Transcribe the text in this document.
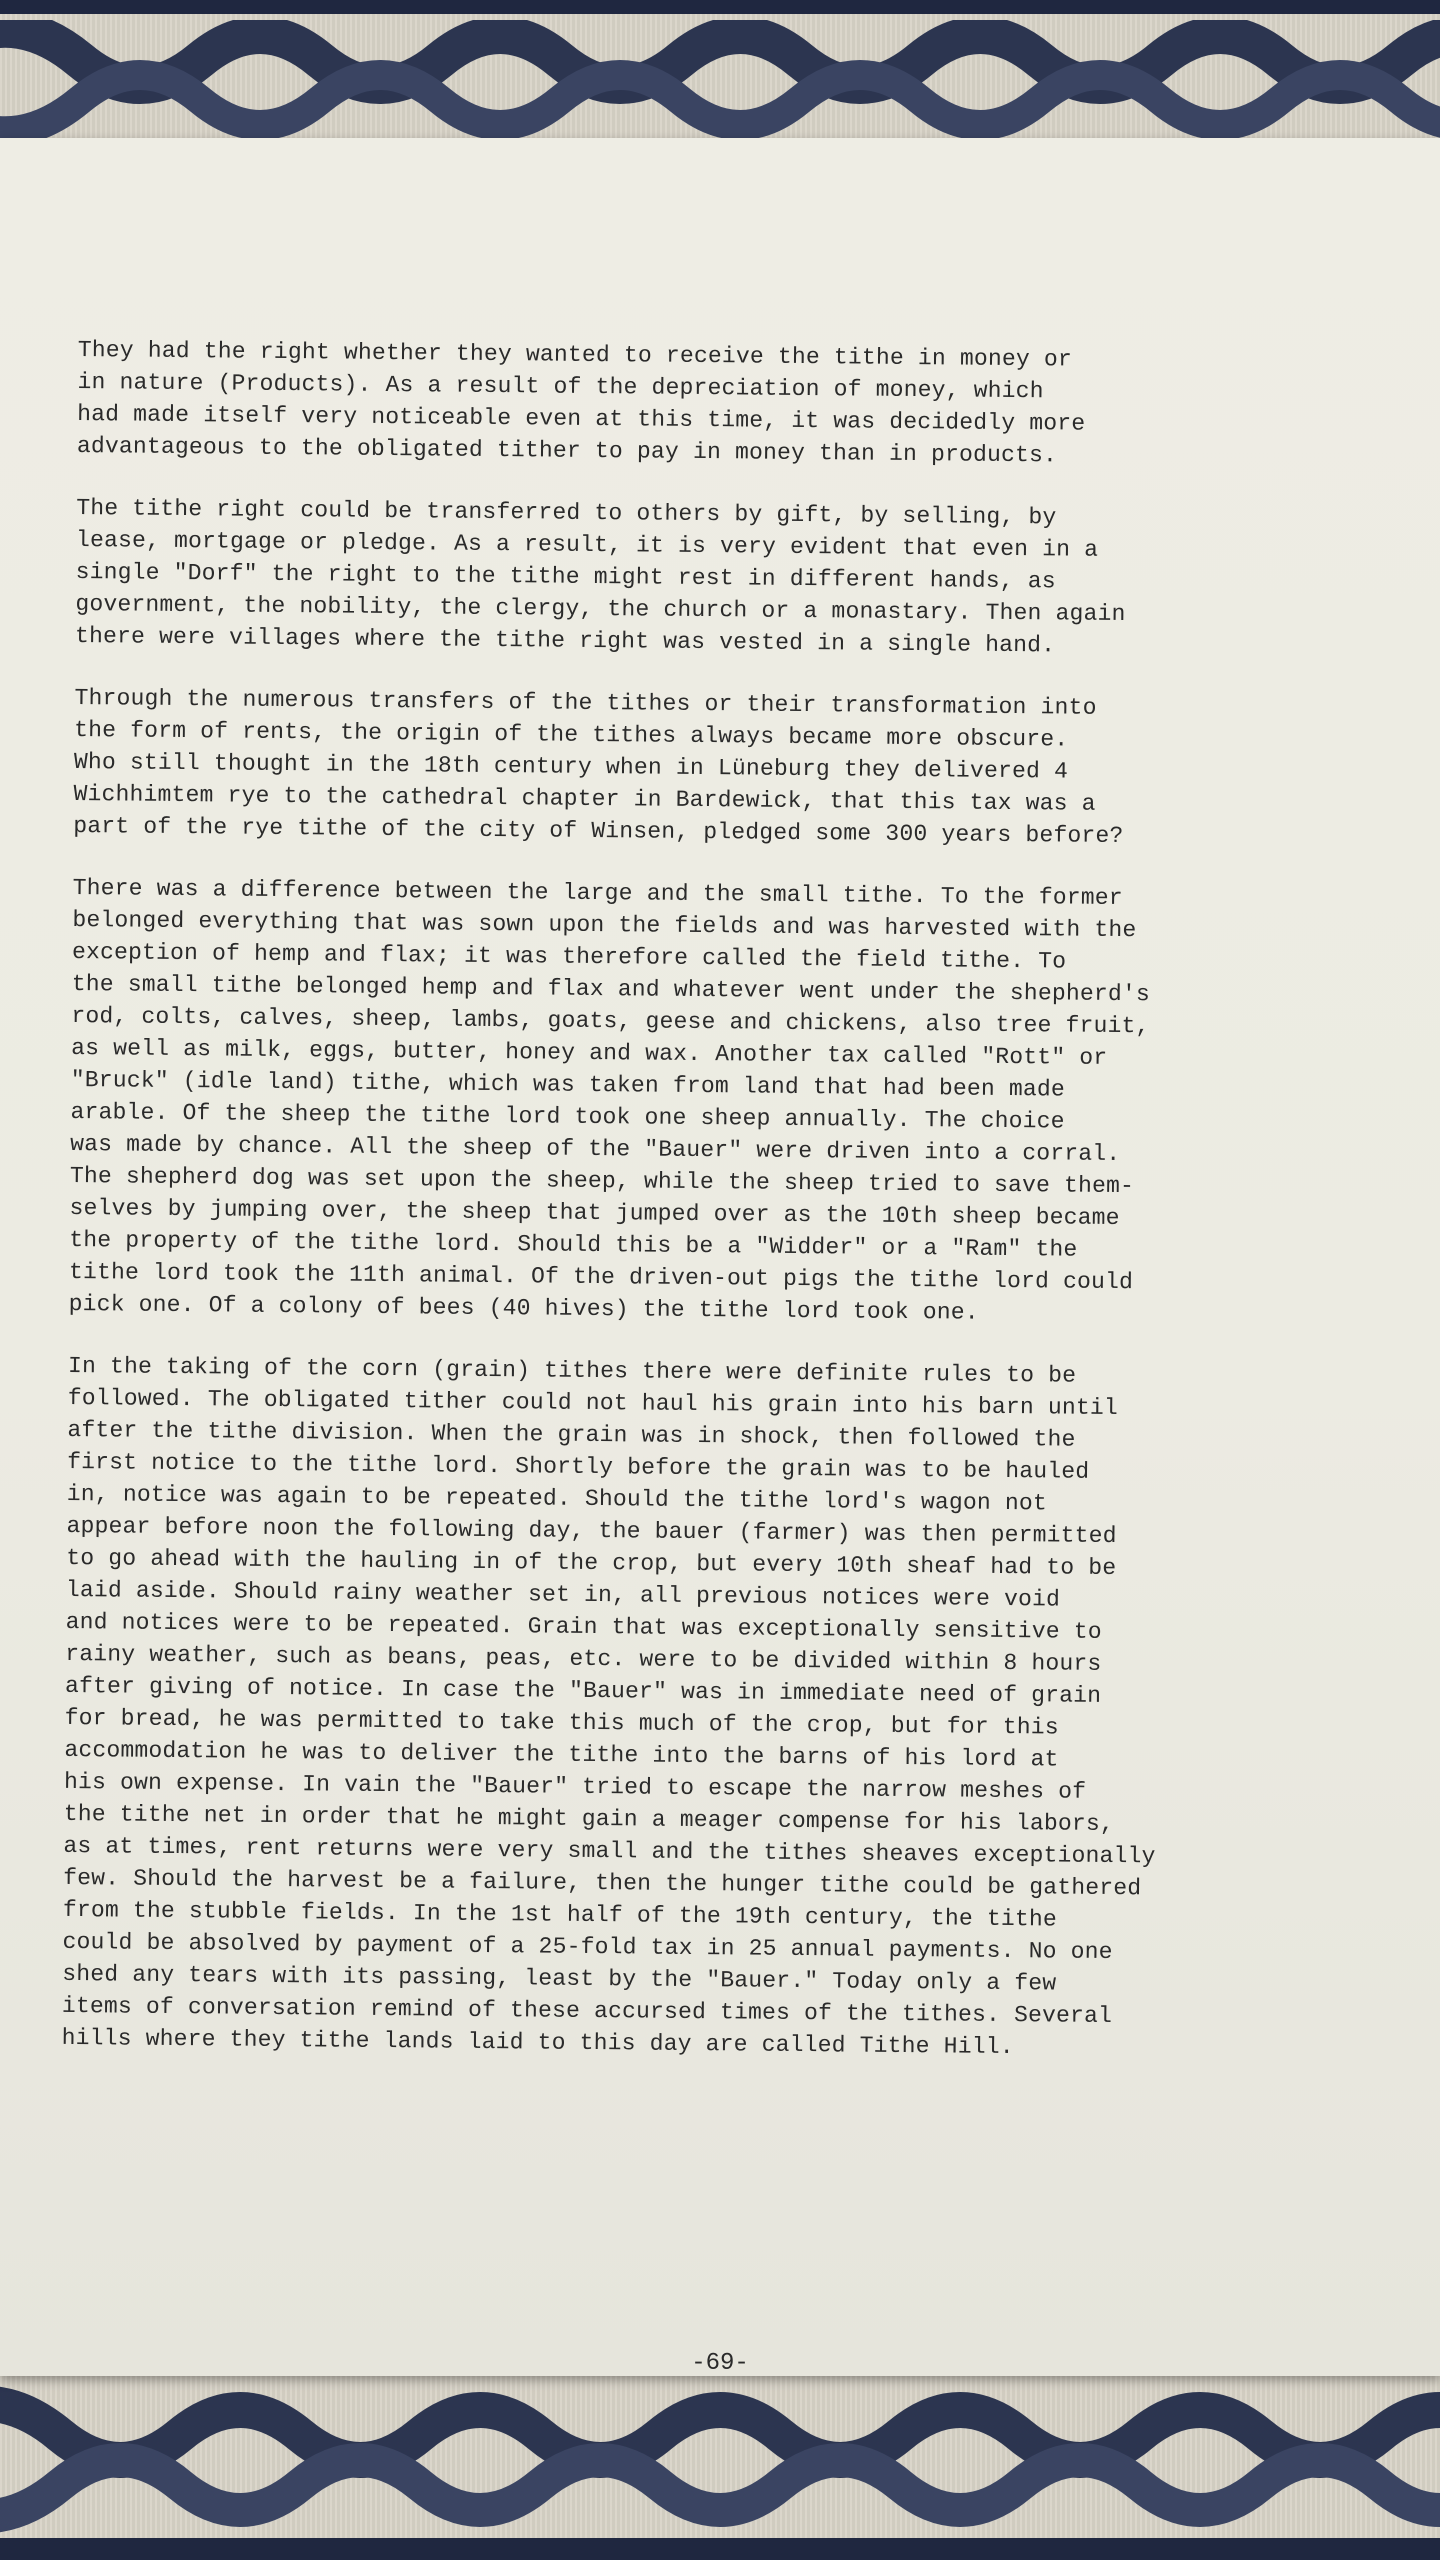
They had the right whether they wanted to receive the tithe in money or
in nature (Products). As a result of the depreciation of money, which
had made itself very noticeable even at this time, it was decidedly more
advantageous to the obligated tither to pay in money than in products.

The tithe right could be transferred to others by gift, by selling, by
lease, mortgage or pledge. As a result, it is very evident that even in a
single "Dorf" the right to the tithe might rest in different hands, as
government, the nobility, the clergy, the church or a monastary. Then again
there were villages where the tithe right was vested in a single hand.

Through the numerous transfers of the tithes or their transformation into
the form of rents, the origin of the tithes always became more obscure.
Who still thought in the 18th century when in Lüneburg they delivered 4
Wichhimtem rye to the cathedral chapter in Bardewick, that this tax was a
part of the rye tithe of the city of Winsen, pledged some 300 years before?

There was a difference between the large and the small tithe. To the former
belonged everything that was sown upon the fields and was harvested with the
exception of hemp and flax; it was therefore called the field tithe. To
the small tithe belonged hemp and flax and whatever went under the shepherd's
rod, colts, calves, sheep, lambs, goats, geese and chickens, also tree fruit,
as well as milk, eggs, butter, honey and wax. Another tax called "Rott" or
"Bruck" (idle land) tithe, which was taken from land that had been made
arable. Of the sheep the tithe lord took one sheep annually. The choice
was made by chance. All the sheep of the "Bauer" were driven into a corral.
The shepherd dog was set upon the sheep, while the sheep tried to save them-
selves by jumping over, the sheep that jumped over as the 10th sheep became
the property of the tithe lord. Should this be a "Widder" or a "Ram" the
tithe lord took the 11th animal. Of the driven-out pigs the tithe lord could
pick one. Of a colony of bees (40 hives) the tithe lord took one.

In the taking of the corn (grain) tithes there were definite rules to be
followed. The obligated tither could not haul his grain into his barn until
after the tithe division. When the grain was in shock, then followed the
first notice to the tithe lord. Shortly before the grain was to be hauled
in, notice was again to be repeated. Should the tithe lord's wagon not
appear before noon the following day, the bauer (farmer) was then permitted
to go ahead with the hauling in of the crop, but every 10th sheaf had to be
laid aside. Should rainy weather set in, all previous notices were void
and notices were to be repeated. Grain that was exceptionally sensitive to
rainy weather, such as beans, peas, etc. were to be divided within 8 hours
after giving of notice. In case the "Bauer" was in immediate need of grain
for bread, he was permitted to take this much of the crop, but for this
accommodation he was to deliver the tithe into the barns of his lord at
his own expense. In vain the "Bauer" tried to escape the narrow meshes of
the tithe net in order that he might gain a meager compense for his labors,
as at times, rent returns were very small and the tithes sheaves exceptionally
few. Should the harvest be a failure, then the hunger tithe could be gathered
from the stubble fields. In the 1st half of the 19th century, the tithe
could be absolved by payment of a 25-fold tax in 25 annual payments. No one
shed any tears with its passing, least by the "Bauer." Today only a few
items of conversation remind of these accursed times of the tithes. Several
hills where they tithe lands laid to this day are called Tithe Hill.

-69-
